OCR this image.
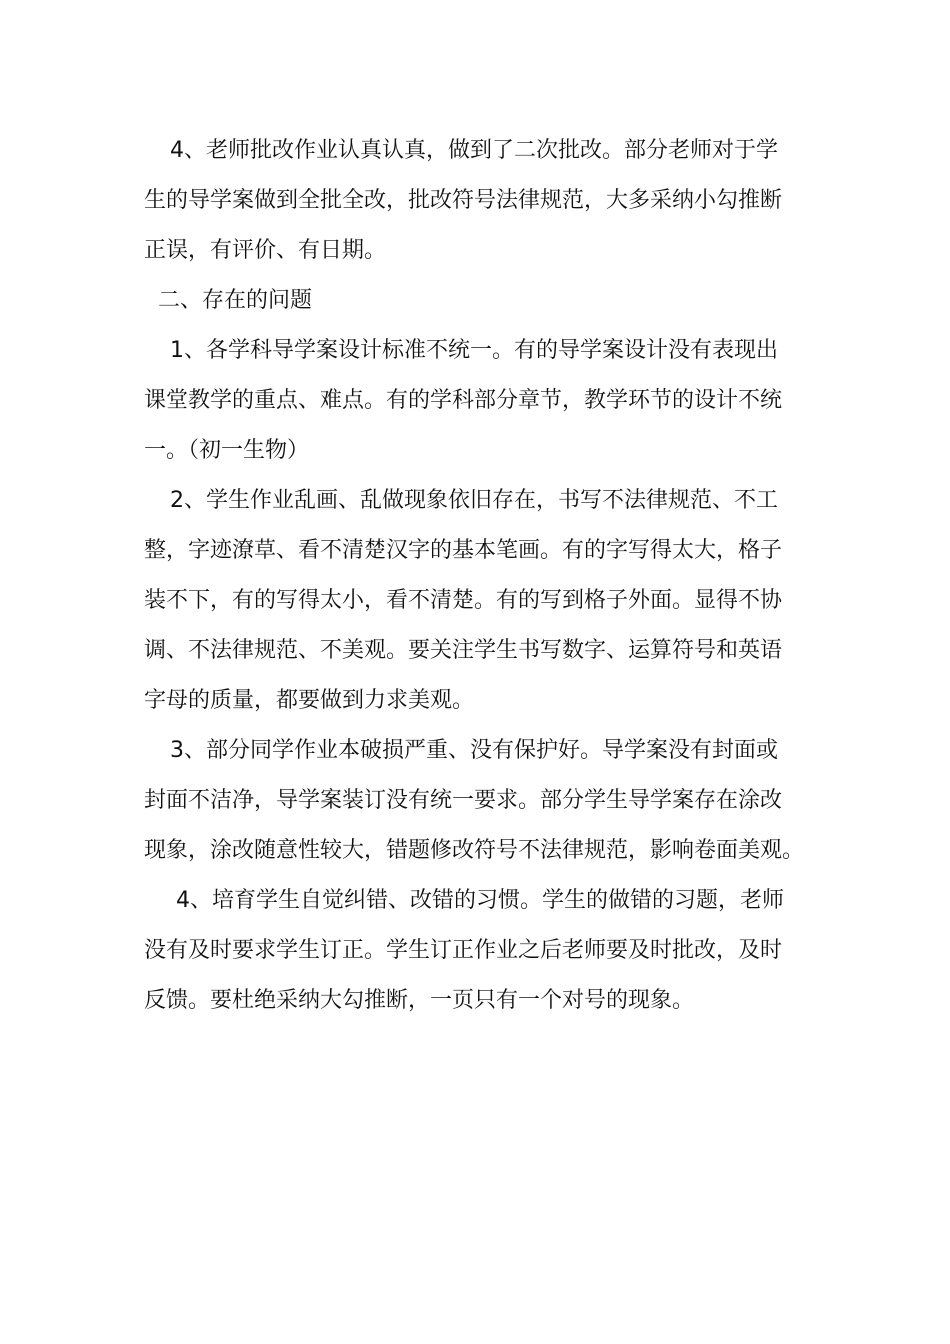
4、老师批改作业认真认真，做到了二次批改。部分老师对于学
生的导学案做到全批全改，批改符号法律规范，大多采纳小勾推断
正误，有评价、有日期。
二、存在的问题
1、各学科导学案设计标准不统一。有的导学案设计没有表现出
课堂教学的重点、难点。有的学科部分章节，教学环节的设计不统
一。（初一生物）
2、学生作业乱画、乱做现象依旧存在，书写不法律规范、不工
整，字迹潦草、看不清楚汉字的基本笔画。有的字写得太大，格子
装不下，有的写得太小，看不清楚。有的写到格子外面。显得不协
调、不法律规范、不美观。要关注学生书写数字、运算符号和英语
字母的质量，都要做到力求美观。
3、部分同学作业本破损严重、没有保护好。导学案没有封面或
封面不洁净，导学案装订没有统一要求。部分学生导学案存在涂改
现象，涂改随意性较大，错题修改符号不法律规范，影响卷面美观。
4、培育学生自觉纠错、改错的习惯。学生的做错的习题，老师
没有及时要求学生订正。学生订正作业之后老师要及时批改，及时
反馈。要杜绝采纳大勾推断，一页只有一个对号的现象。
